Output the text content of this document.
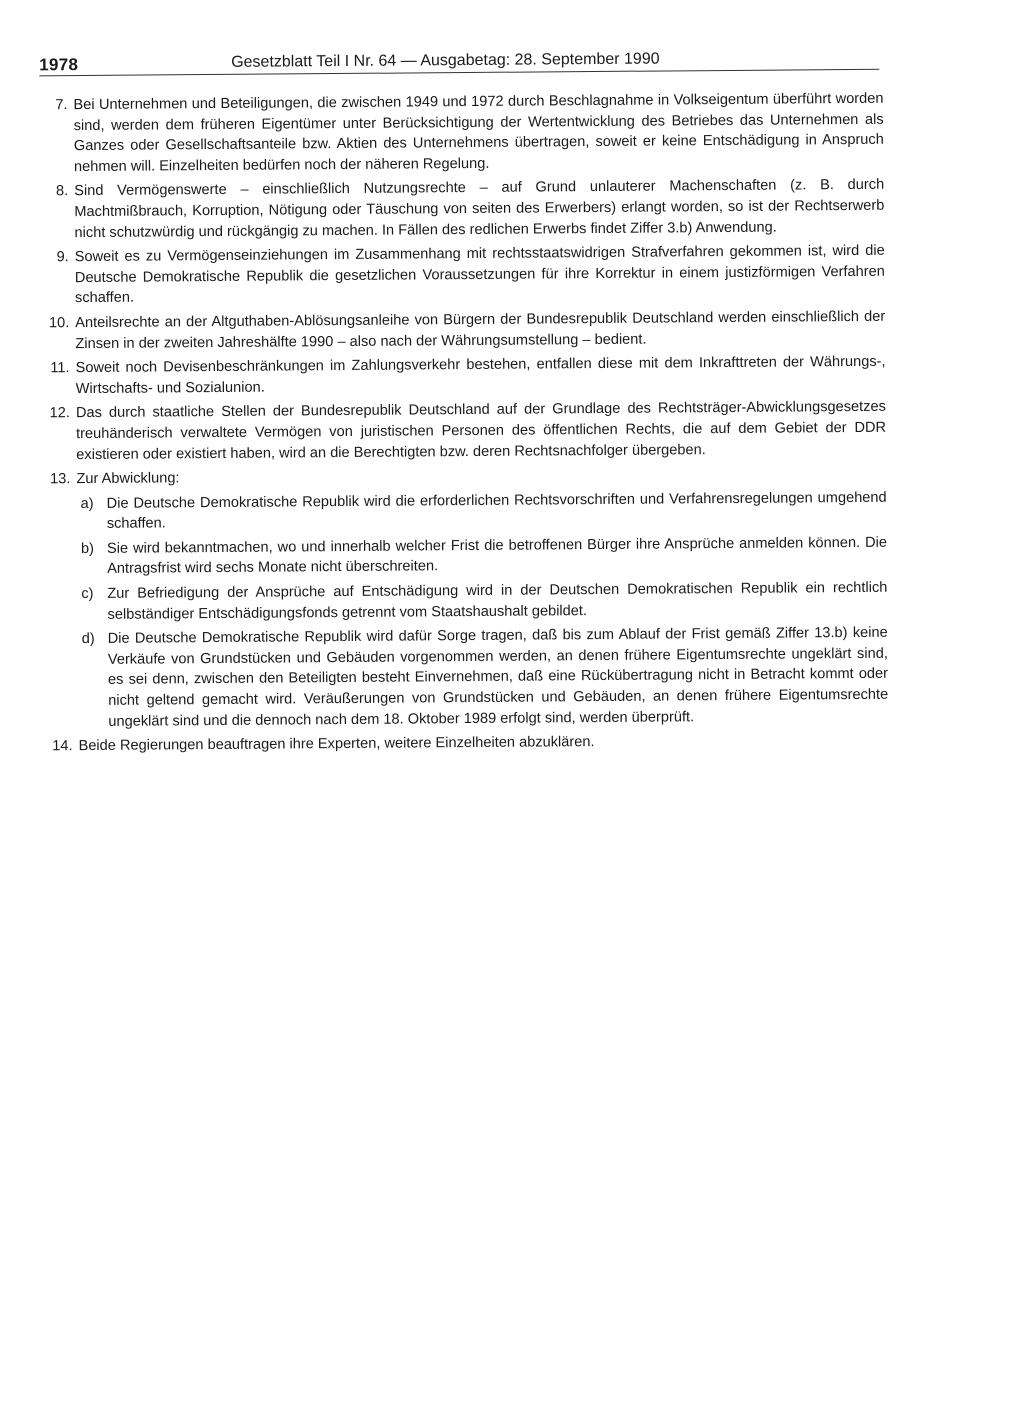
1978	Gesetzblatt Teil I Nr. 64 — Ausgabetag: 28. September 1990
7. Bei Unternehmen und Beteiligungen, die zwischen 1949 und 1972 durch Beschlagnahme in Volkseigentum überführt worden sind, werden dem früheren Eigentümer unter Berücksichtigung der Wertentwicklung des Betriebes das Unternehmen als Ganzes oder Gesellschaftsanteile bzw. Aktien des Unternehmens übertragen, soweit er keine Entschädigung in Anspruch nehmen will. Einzelheiten bedürfen noch der näheren Regelung.
8. Sind Vermögenswerte – einschließlich Nutzungsrechte – auf Grund unlauterer Machenschaften (z. B. durch Machtmißbrauch, Korruption, Nötigung oder Täuschung von seiten des Erwerbers) erlangt worden, so ist der Rechtserwerb nicht schutzwürdig und rückgängig zu machen. In Fällen des redlichen Erwerbs findet Ziffer 3.b) Anwendung.
9. Soweit es zu Vermögenseinziehungen im Zusammenhang mit rechtsstaatswidrigen Strafverfahren gekommen ist, wird die Deutsche Demokratische Republik die gesetzlichen Voraussetzungen für ihre Korrektur in einem justizförmigen Verfahren schaffen.
10. Anteilsrechte an der Altguthaben-Ablösungsanleihe von Bürgern der Bundesrepublik Deutschland werden einschließlich der Zinsen in der zweiten Jahreshälfte 1990 – also nach der Währungsumstellung – bedient.
11. Soweit noch Devisenbeschränkungen im Zahlungsverkehr bestehen, entfallen diese mit dem Inkrafttreten der Währungs-, Wirtschafts- und Sozialunion.
12. Das durch staatliche Stellen der Bundesrepublik Deutschland auf der Grundlage des Rechtsträger-Abwicklungsgesetzes treuhänderisch verwaltete Vermögen von juristischen Personen des öffentlichen Rechts, die auf dem Gebiet der DDR existieren oder existiert haben, wird an die Berechtigten bzw. deren Rechtsnachfolger übergeben.
13. Zur Abwicklung:
a) Die Deutsche Demokratische Republik wird die erforderlichen Rechtsvorschriften und Verfahrensregelungen umgehend schaffen.
b) Sie wird bekanntmachen, wo und innerhalb welcher Frist die betroffenen Bürger ihre Ansprüche anmelden können. Die Antragsfrist wird sechs Monate nicht überschreiten.
c) Zur Befriedigung der Ansprüche auf Entschädigung wird in der Deutschen Demokratischen Republik ein rechtlich selbständiger Entschädigungsfonds getrennt vom Staatshaushalt gebildet.
d) Die Deutsche Demokratische Republik wird dafür Sorge tragen, daß bis zum Ablauf der Frist gemäß Ziffer 13.b) keine Verkäufe von Grundstücken und Gebäuden vorgenommen werden, an denen frühere Eigentumsrechte ungeklärt sind, es sei denn, zwischen den Beteiligten besteht Einvernehmen, daß eine Rückübertragung nicht in Betracht kommt oder nicht geltend gemacht wird. Veräußerungen von Grundstücken und Gebäuden, an denen frühere Eigentumsrechte ungeklärt sind und die dennoch nach dem 18. Oktober 1989 erfolgt sind, werden überprüft.
14. Beide Regierungen beauftragen ihre Experten, weitere Einzelheiten abzuklären.
